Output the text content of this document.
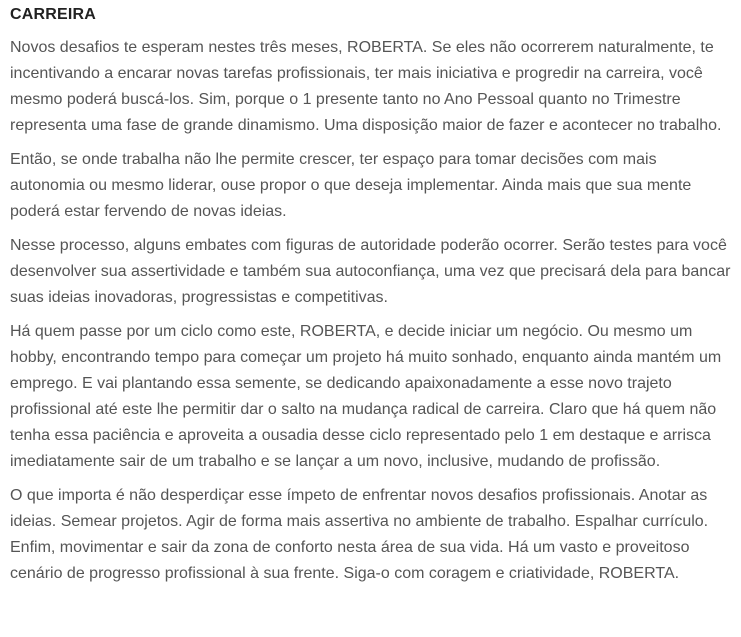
CARREIRA

Novos desafios te esperam nestes três meses, ROBERTA. Se eles não ocorrerem naturalmente, te incentivando a encarar novas tarefas profissionais, ter mais iniciativa e progredir na carreira, você mesmo poderá buscá-los. Sim, porque o 1 presente tanto no Ano Pessoal quanto no Trimestre representa uma fase de grande dinamismo. Uma disposição maior de fazer e acontecer no trabalho.

Então, se onde trabalha não lhe permite crescer, ter espaço para tomar decisões com mais autonomia ou mesmo liderar, ouse propor o que deseja implementar. Ainda mais que sua mente poderá estar fervendo de novas ideias.

Nesse processo, alguns embates com figuras de autoridade poderão ocorrer. Serão testes para você desenvolver sua assertividade e também sua autoconfiança, uma vez que precisará dela para bancar suas ideias inovadoras, progressistas e competitivas.

Há quem passe por um ciclo como este, ROBERTA, e decide iniciar um negócio. Ou mesmo um hobby, encontrando tempo para começar um projeto há muito sonhado, enquanto ainda mantém um emprego. E vai plantando essa semente, se dedicando apaixonadamente a esse novo trajeto profissional até este lhe permitir dar o salto na mudança radical de carreira. Claro que há quem não tenha essa paciência e aproveita a ousadia desse ciclo representado pelo 1 em destaque e arrisca imediatamente sair de um trabalho e se lançar a um novo, inclusive, mudando de profissão.

O que importa é não desperdiçar esse ímpeto de enfrentar novos desafios profissionais. Anotar as ideias. Semear projetos. Agir de forma mais assertiva no ambiente de trabalho. Espalhar currículo. Enfim, movimentar e sair da zona de conforto nesta área de sua vida. Há um vasto e proveitoso cenário de progresso profissional à sua frente. Siga-o com coragem e criatividade, ROBERTA.
